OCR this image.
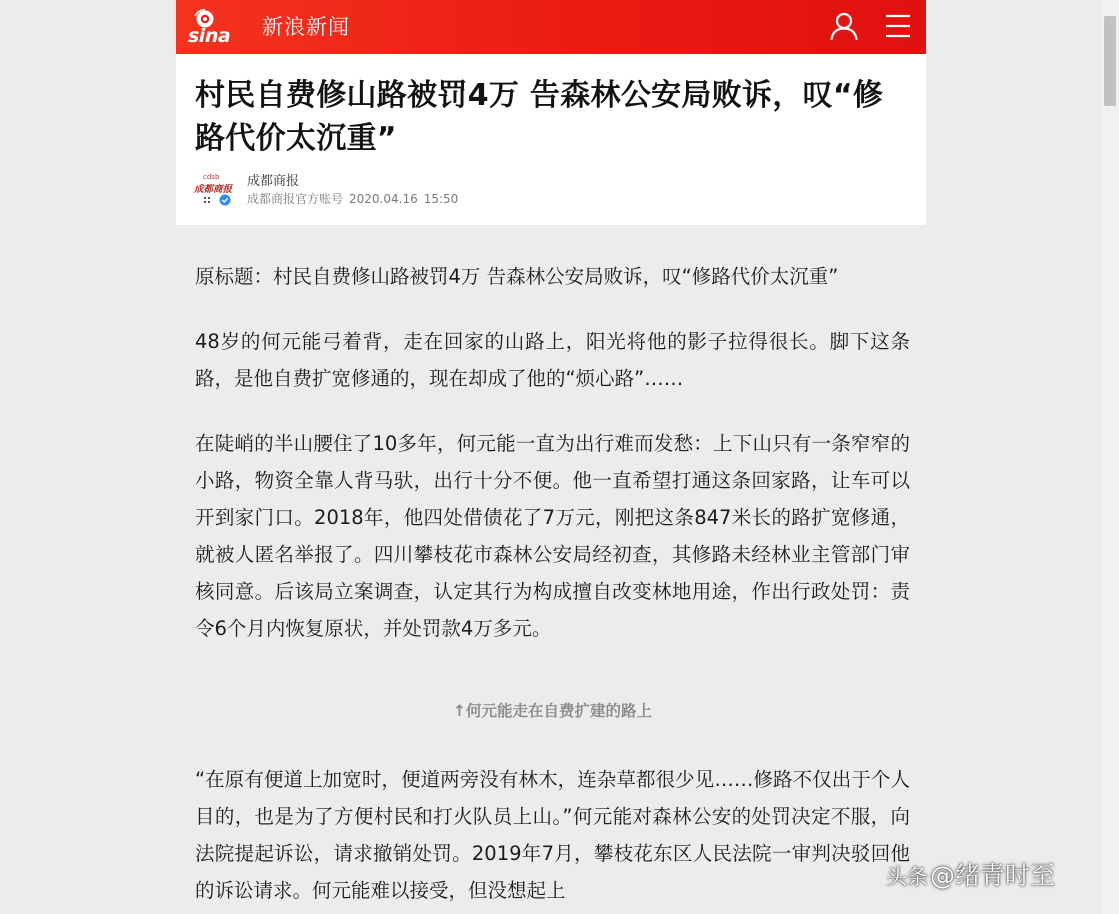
sina 新浪新闻
村民自费修山路被罚4万 告森林公安局败诉，叹“修路代价太沉重”
cdsb
成都商报
成都商报
成都商报官方账号 2020.04.16 15:50

原标题：村民自费修山路被罚4万 告森林公安局败诉，叹“修路代价太沉重”

48岁的何元能弓着背，走在回家的山路上，阳光将他的影子拉得很长。脚下这条路，是他自费扩宽修通的，现在却成了他的“烦心路”……

在陡峭的半山腰住了10多年，何元能一直为出行难而发愁：上下山只有一条窄窄的小路，物资全靠人背马驮，出行十分不便。他一直希望打通这条回家路，让车可以开到家门口。2018年，他四处借债花了7万元，刚把这条847米长的路扩宽修通，就被人匿名举报了。四川攀枝花市森林公安局经初查，其修路未经林业主管部门审核同意。后该局立案调查，认定其行为构成擅自改变林地用途，作出行政处罚：责令6个月内恢复原状，并处罚款4万多元。

↑何元能走在自费扩建的路上

“在原有便道上加宽时，便道两旁没有林木，连杂草都很少见……修路不仅出于个人目的，也是为了方便村民和打火队员上山。”何元能对森林公安的处罚决定不服，向法院提起诉讼，请求撤销处罚。2019年7月，攀枝花东区人民法院一审判决驳回他的诉讼请求。何元能难以接受，但没想起上

头条@绪青时至
